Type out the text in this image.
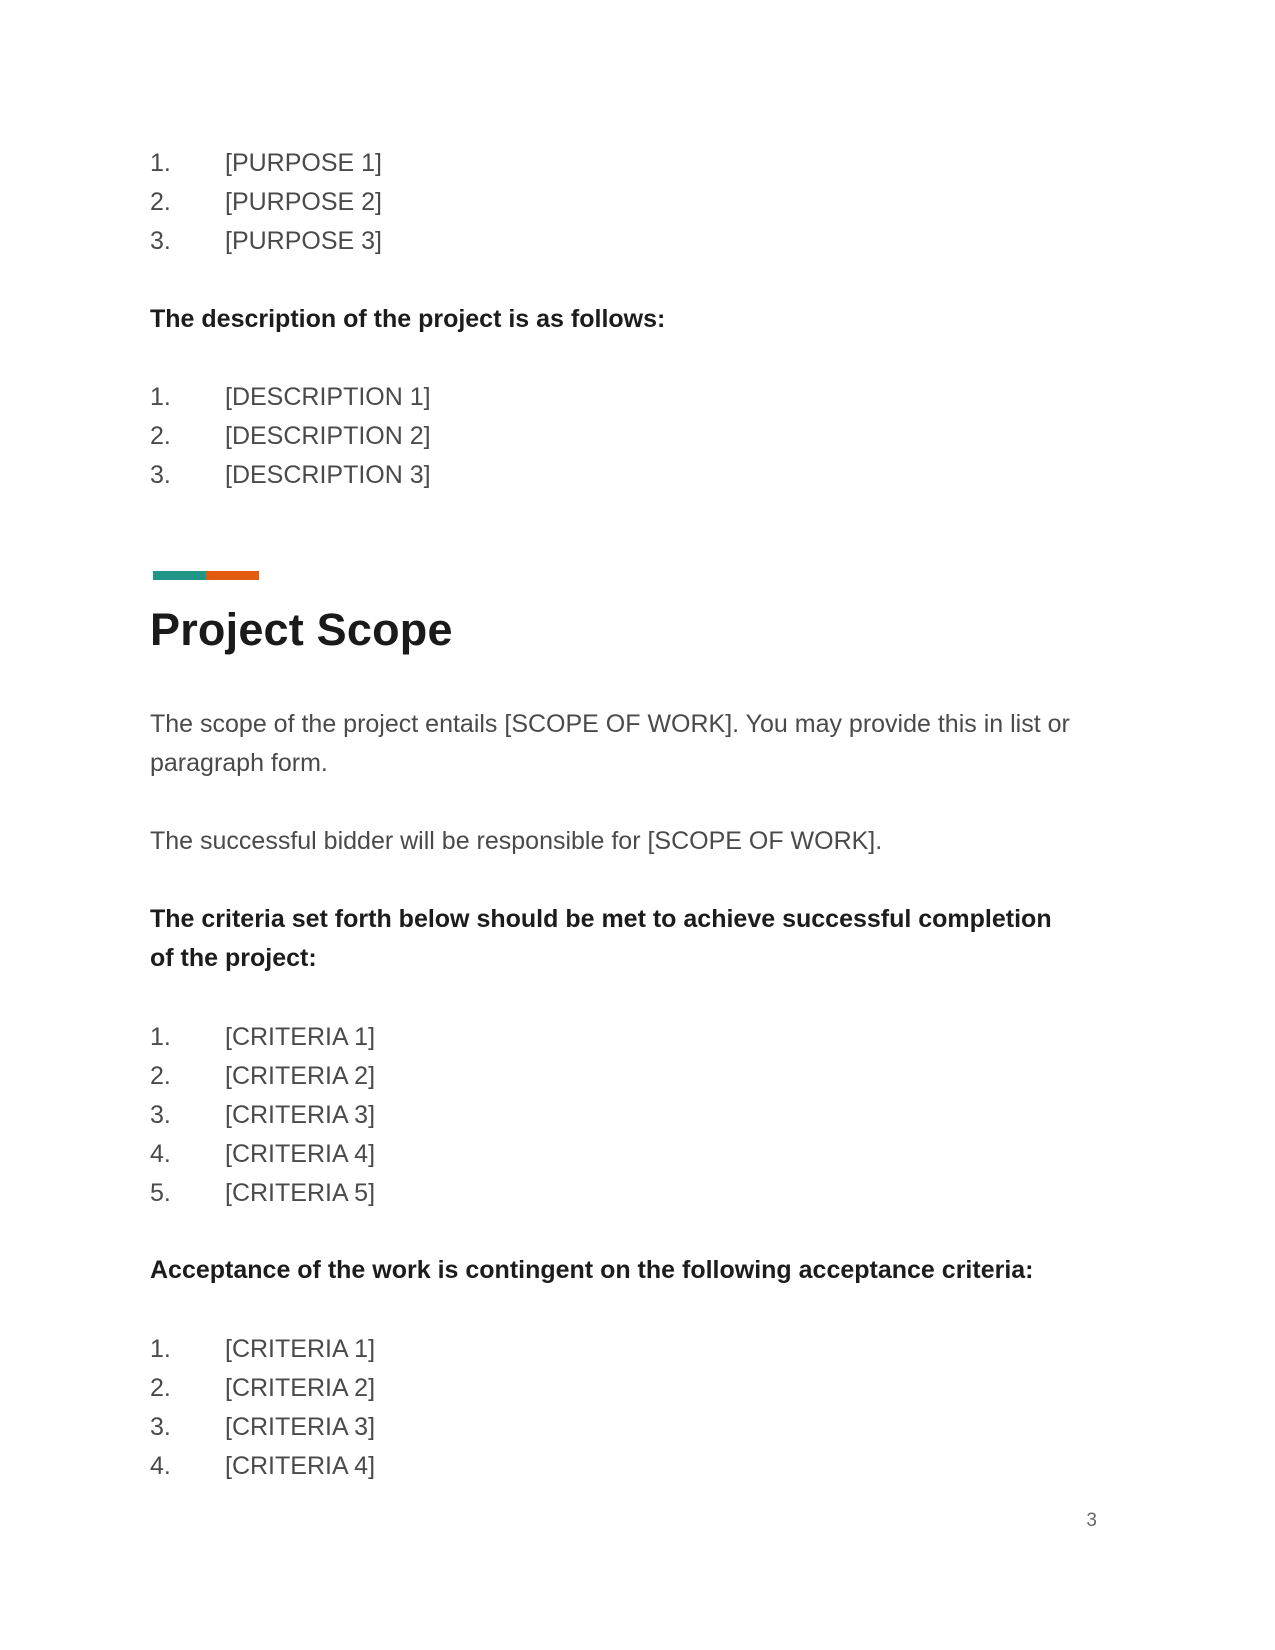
1. [PURPOSE 1]
2. [PURPOSE 2]
3. [PURPOSE 3]

The description of the project is as follows:

1. [DESCRIPTION 1]
2. [DESCRIPTION 2]
3. [DESCRIPTION 3]
Project Scope

The scope of the project entails [SCOPE OF WORK]. You may provide this in list or paragraph form.

The successful bidder will be responsible for [SCOPE OF WORK].

The criteria set forth below should be met to achieve successful completion of the project:

1. [CRITERIA 1]
2. [CRITERIA 2]
3. [CRITERIA 3]
4. [CRITERIA 4]
5. [CRITERIA 5]

Acceptance of the work is contingent on the following acceptance criteria:

1. [CRITERIA 1]
2. [CRITERIA 2]
3. [CRITERIA 3]
4. [CRITERIA 4]
3
